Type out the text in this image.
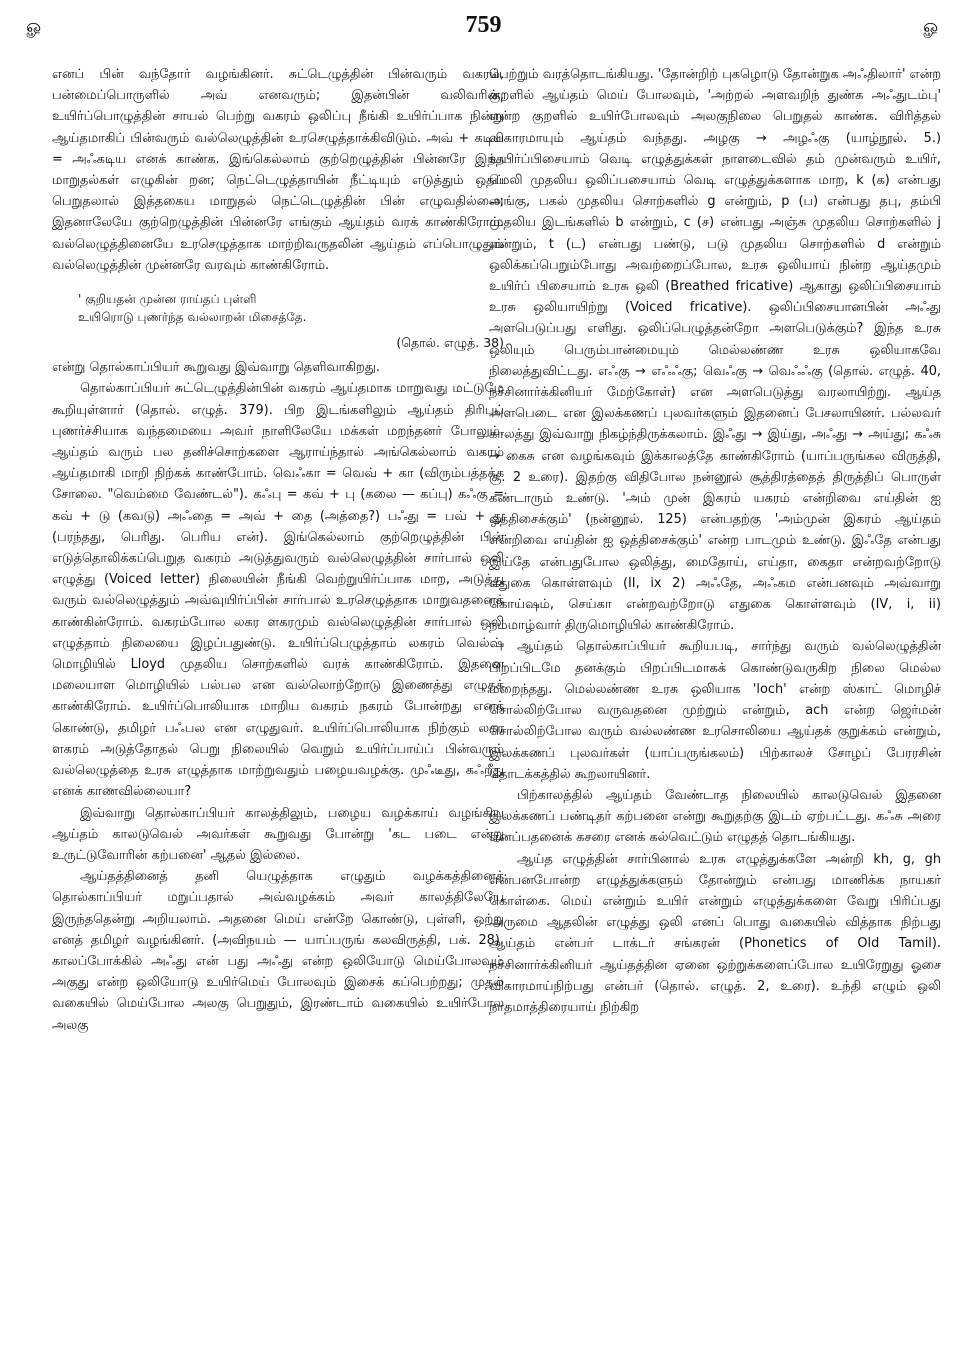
ௐ	759	ௐ

எனப் பின் வந்தோர் வழங்கினர். சுட்டெழுத்தின் பின்வரும் வகரம், பன்மைப்பொருளில் அவ் எனவரும்; இதன்பின் வலிவரின், உயிர்ப்பொழுத்தின் சாயல் பெற்று வகரம் ஒலிப்பு நீங்கி உயிர்ப்பாக நின்று ஆய்தமாகிப் பின்வரும் வல்லெழுத்தின் உரசெழுத்தாக்கிவிடும். அவ் + கடிய = அஃகடிய எனக் காண்க. இங்கெல்லாம் குற்றெழுத்தின் பின்னரே இந்த மாறுதல்கள் எழுகின் றன; நெட்டெழுத்தாயின் நீட்டியும் எடுத்தும் ஒதப் பெறுதலால் இத்தகைய மாறுதல் நெட்டெழுத்தின் பின் எழுவதில்லை; இதனாலேயே குற்றெழுத்தின் பின்னரே எங்கும் ஆய்தம் வரக் காண்கிரோம். வல்லெழுத்தினையே உரசெழுத்தாக மாற்றிவருதலின் ஆய்தம் எப்பொழுதும் வல்லெழுத்தின் முன்னரே வரவும் காண்கிரோம்.

' குறியதன் முன்ன ராய்தப் புள்ளி
உயிரொடு புணர்ந்த வல்லாறன் மிசைத்தே.
(தொல். எழுத். 38)

என்று தொல்காப்பியர் கூறுவது இவ்வாறு தெளிவாகிறது.

தொல்காப்பியர் சுட்டெழுத்தின்பின் வகரம் ஆய்தமாக மாறுவது மட்டுமே கூறியுள்ளார் (தொல். எழுத். 379). பிற இடங்களிலும் ஆய்தம் திரிபுப் புணர்ச்சியாக வந்தமையை அவர் நாளிலேயே மக்கள் மறந்தனர் போலும். ஆய்தம் வரும் பல தனிச்சொற்களை ஆராய்ந்தால் அங்கெல்லாம் வகரம் ஆய்தமாகி மாறி நிற்கக் காண்போம். வெஃகா = வெவ் + கா (விரும்பத்தக்க சோலை. "வெம்மை வேண்டல்"). கஃபு = கவ் + பு (கலை — கப்பு) கஃகு = கவ் + டு (கவடு) அஃதை = அவ் + தை (அத்தை?) பஃது = பவ் + து (பரந்தது, பெரிது. பெரிய என்). இங்கெல்லாம் குற்றெழுத்தின் பின் எடுத்தொலிக்கப்பெறுத வகரம் அடுத்துவரும் வல்லெழுத்தின் சார்பால் ஒலி எழுத்து (Voiced letter) நிலையின் நீங்கி வெற்றுயிர்ப்பாக மாற, அடுத்து வரும் வல்லெழுத்தும் அவ்வுயிர்ப்பின் சார்பால் உரசெழுத்தாக மாறுவதனைக் காண்கின்ரோம். வகரம்போல லகர ளகரமும் வல்லெழுத்தின் சார்பால் ஒலி எழுத்தாம் நிலையை இழப்பதுண்டு. உயிர்ப்பெழுத்தாம் லகரம் வெல்ஷ் மொழியில் Lloyd முதலிய சொற்களில் வரக் காண்கிரோம். இதனை மலையாள மொழியில் பல்பல என வல்லொற்றோடு இணைத்து எழுதக் காண்கிரோம். உயிர்ப்பொலியாக மாறிய வகரம் நகரம் போன்றது எனக் கொண்டு, தமிழர் பஃபல என எழுதுவர். உயிர்ப்பொலியாக நிற்கும் லகர ளகரம் அடுத்தோதல் பெறு நிலையில் வெறும் உயிர்ப்பாய்ப் பின்வரும் வல்லெழுத்தை உரசு எழுத்தாக மாற்றுவதும் பழையவழக்கு. முஃடீது, கஃறீது எனக் காணவில்லையா?

இவ்வாறு தொல்காப்பியர் காலத்திலும், பழைய வழக்காய் வழங்கிய ஆய்தம் காலடுவெல் அவர்கள் கூறுவது போன்று 'கட படை என்று உருட்டுவோரின் கற்பனை' ஆதல் இல்லை.

ஆய்தத்தினைத் தனி யெழுத்தாக எழுதும் வழக்கத்தினைத் தொல்காப்பியர் மறுப்பதால் அவ்வழக்கம் அவர் காலத்திலேயே இருந்ததென்று அறியலாம். அதனை மெய் என்றே கொண்டு, புள்ளி, ஒற்று எனத் தமிழர் வழங்கினர். (அவிநயம் — யாப்பருங் கலவிருத்தி, பக். 28). காலப்போக்கில் அஃது என் பது அஃது என்ற ஒலியோடு மெய்போலவும் அகுது என்ற ஒலியோடு உயிர்மெய் போலவும் இசைக் கப்பெற்றது; முதல் வகையில் மெய்போல அலகு பெறுதும், இரண்டாம் வகையில் உயிர்போல அலகு

பெற்றும் வரத்தொடங்கியது. 'தோன்றிற் புகழொடு தோன்றுக அஃதிலார்' என்ற குறளில் ஆய்தம் மெய் போலவும், 'அற்றல் அளவறிந் துண்க அஃதுடம்பு' என்ற குறளில் உயிர்போலவும் அலகுநிலை பெறுதல் காண்க. விரித்தல் விகாரமாயும் ஆய்தம் வந்தது. அழகு → அழஃகு (யாழ்நூல். 5.) உயிர்ப்பிசையாம் வெடி எழுத்துக்கள் நாளடைவில் தம் முன்வரும் உயிர், மெலி முதலிய ஒலிப்பசையாம் வெடி எழுத்துக்களாக மாற, k (க) என்பது அங்கு, பகல் முதலிய சொற்களில் g என்றும், p (ப) என்பது தபு, தம்பி முதலிய இடங்களில் b என்றும், c (ச) என்பது அஞ்சு முதலிய சொற்களில் j என்றும், t (ட) என்பது பண்டு, படு முதலிய சொற்களில் d என்றும் ஒலிக்கப்பெறும்போது அவற்றைப்போல, உரசு ஒலியாய் நின்ற ஆய்தமும் உயிர்ப் பிசையாம் உரசு ஒலி (Breathed fricative) ஆகாது ஒலிப்பிசையாம் உரசு ஒலியாயிற்று (Voiced fricative). ஒலிப்பிசையானபின் அஃது அளபெடுப்பது எளிது. ஒலிப்பெழுத்தன்றோ அளபெடுக்கும்? இந்த உரசு ஒலியும் பெரும்பான்மையும் மெல்லண்ண உரசு ஒலியாகவே நிலைத்துவிட்டது. எஃகு → எஃஃகு; வெஃகு → வெஃஃகு (தொல். எழுத். 40, நச்சினார்க்கினியர் மேற்கோள்) என அளபெடுத்து வரலாயிற்று. ஆய்த அளபெடை என இலக்கணப் புலவர்களும் இதனைப் பேசலாயினர். பல்லவர் காலத்து இவ்வாறு நிகழ்ந்திருக்கலாம். இஃது → இய்து, அஃது → அய்து; கஃசு → கைசு என வழங்கவும் இக்காலத்தே காண்கிரோம் (யாப்பருங்கல விருத்தி, சூ. 2 உரை). இதற்கு விதிபோல நன்னூல் சூத்திரத்தைத் திருத்திப் பொருள் கண்டாரும் உண்டு. 'அம் முன் இகரம் யகரம் என்றிவை எய்தின் ஐ ஒத்திசைக்கும்' (நன்னூல். 125) என்பதற்கு 'அம்முன் இகரம் ஆய்தம் என்றிவை எய்தின் ஐ ஒத்திசைக்கும்' என்ற பாடமும் உண்டு. இஃதே என்பது இய்தே என்பதுபோல ஒலித்து, மைதோய், எய்தா, கைதா என்றவற்றோடு எதுகை கொள்ளவும் (II, ix 2) அஃதே, அஃகம என்பனவும் அவ்வாறு கொய்ஷம், செய்கா என்றவற்றோடு எதுகை கொள்ளவும் (IV, i, ii) நம்மாழ்வார் திருமொழியில் காண்கிரோம்.

ஆய்தம் தொல்காப்பியர் கூறியபடி, சார்ந்து வரும் வல்லெழுத்தின் பிறப்பிடமே தனக்கும் பிறப்பிடமாகக் கொண்டுவருகிற நிலை மெல்ல மறைந்தது. மெல்லண்ண உரசு ஒலியாக 'loch' என்ற ஸ்காட் மொழிச் சொல்லிற்போல வருவதனை முற்றும் என்றும், ach என்ற ஜெர்மன் சொல்லிற்போல வரும் வல்லண்ண உரசொலியை ஆய்தக் குறுக்கம் என்றும், இலக்கணப் புலவர்கள் (யாப்பருங்கலம்) பிற்காலச் சோழப் பேரரசின் தொடக்கத்தில் கூறலாயினர்.

பிற்காலத்தில் ஆய்தம் வேண்டாத நிலையில் காலடுவெல் இதனை இலக்கணப் பண்டிதர் கற்பனை என்று கூறுதற்கு இடம் ஏற்பட்டது. கஃசு அரை எனப்பதனைக் கசரை எனக் கல்வெட்டும் எழுதத் தொடங்கியது.

ஆய்த எழுத்தின் சார்பினால் உரசு எழுத்துக்களே அன்றி kh, g, gh என்பனபோன்ற எழுத்துக்களும் தோன்றும் என்பது மாணிக்க நாயகர் கொள்கை. மெய் என்றும் உயிர் என்றும் எழுத்துக்களை வேறு பிரிப்பது அருமை ஆதலின் எழுத்து ஒலி எனப் பொது வகையில் வித்தாக நிற்பது ஆய்தம் என்பர் டாக்டர் சங்கரன் (Phonetics of Old Tamil). நச்சினார்க்கினியர் ஆய்தத்தின ஏனை ஒற்றுக்களைப்போல உயிரேறுது ஓசை விகாரமாய்நிற்பது என்பர் (தொல். எழுத். 2, உரை). உந்தி எழும் ஒலி நாதமாத்திரையாய் நிற்கிற
